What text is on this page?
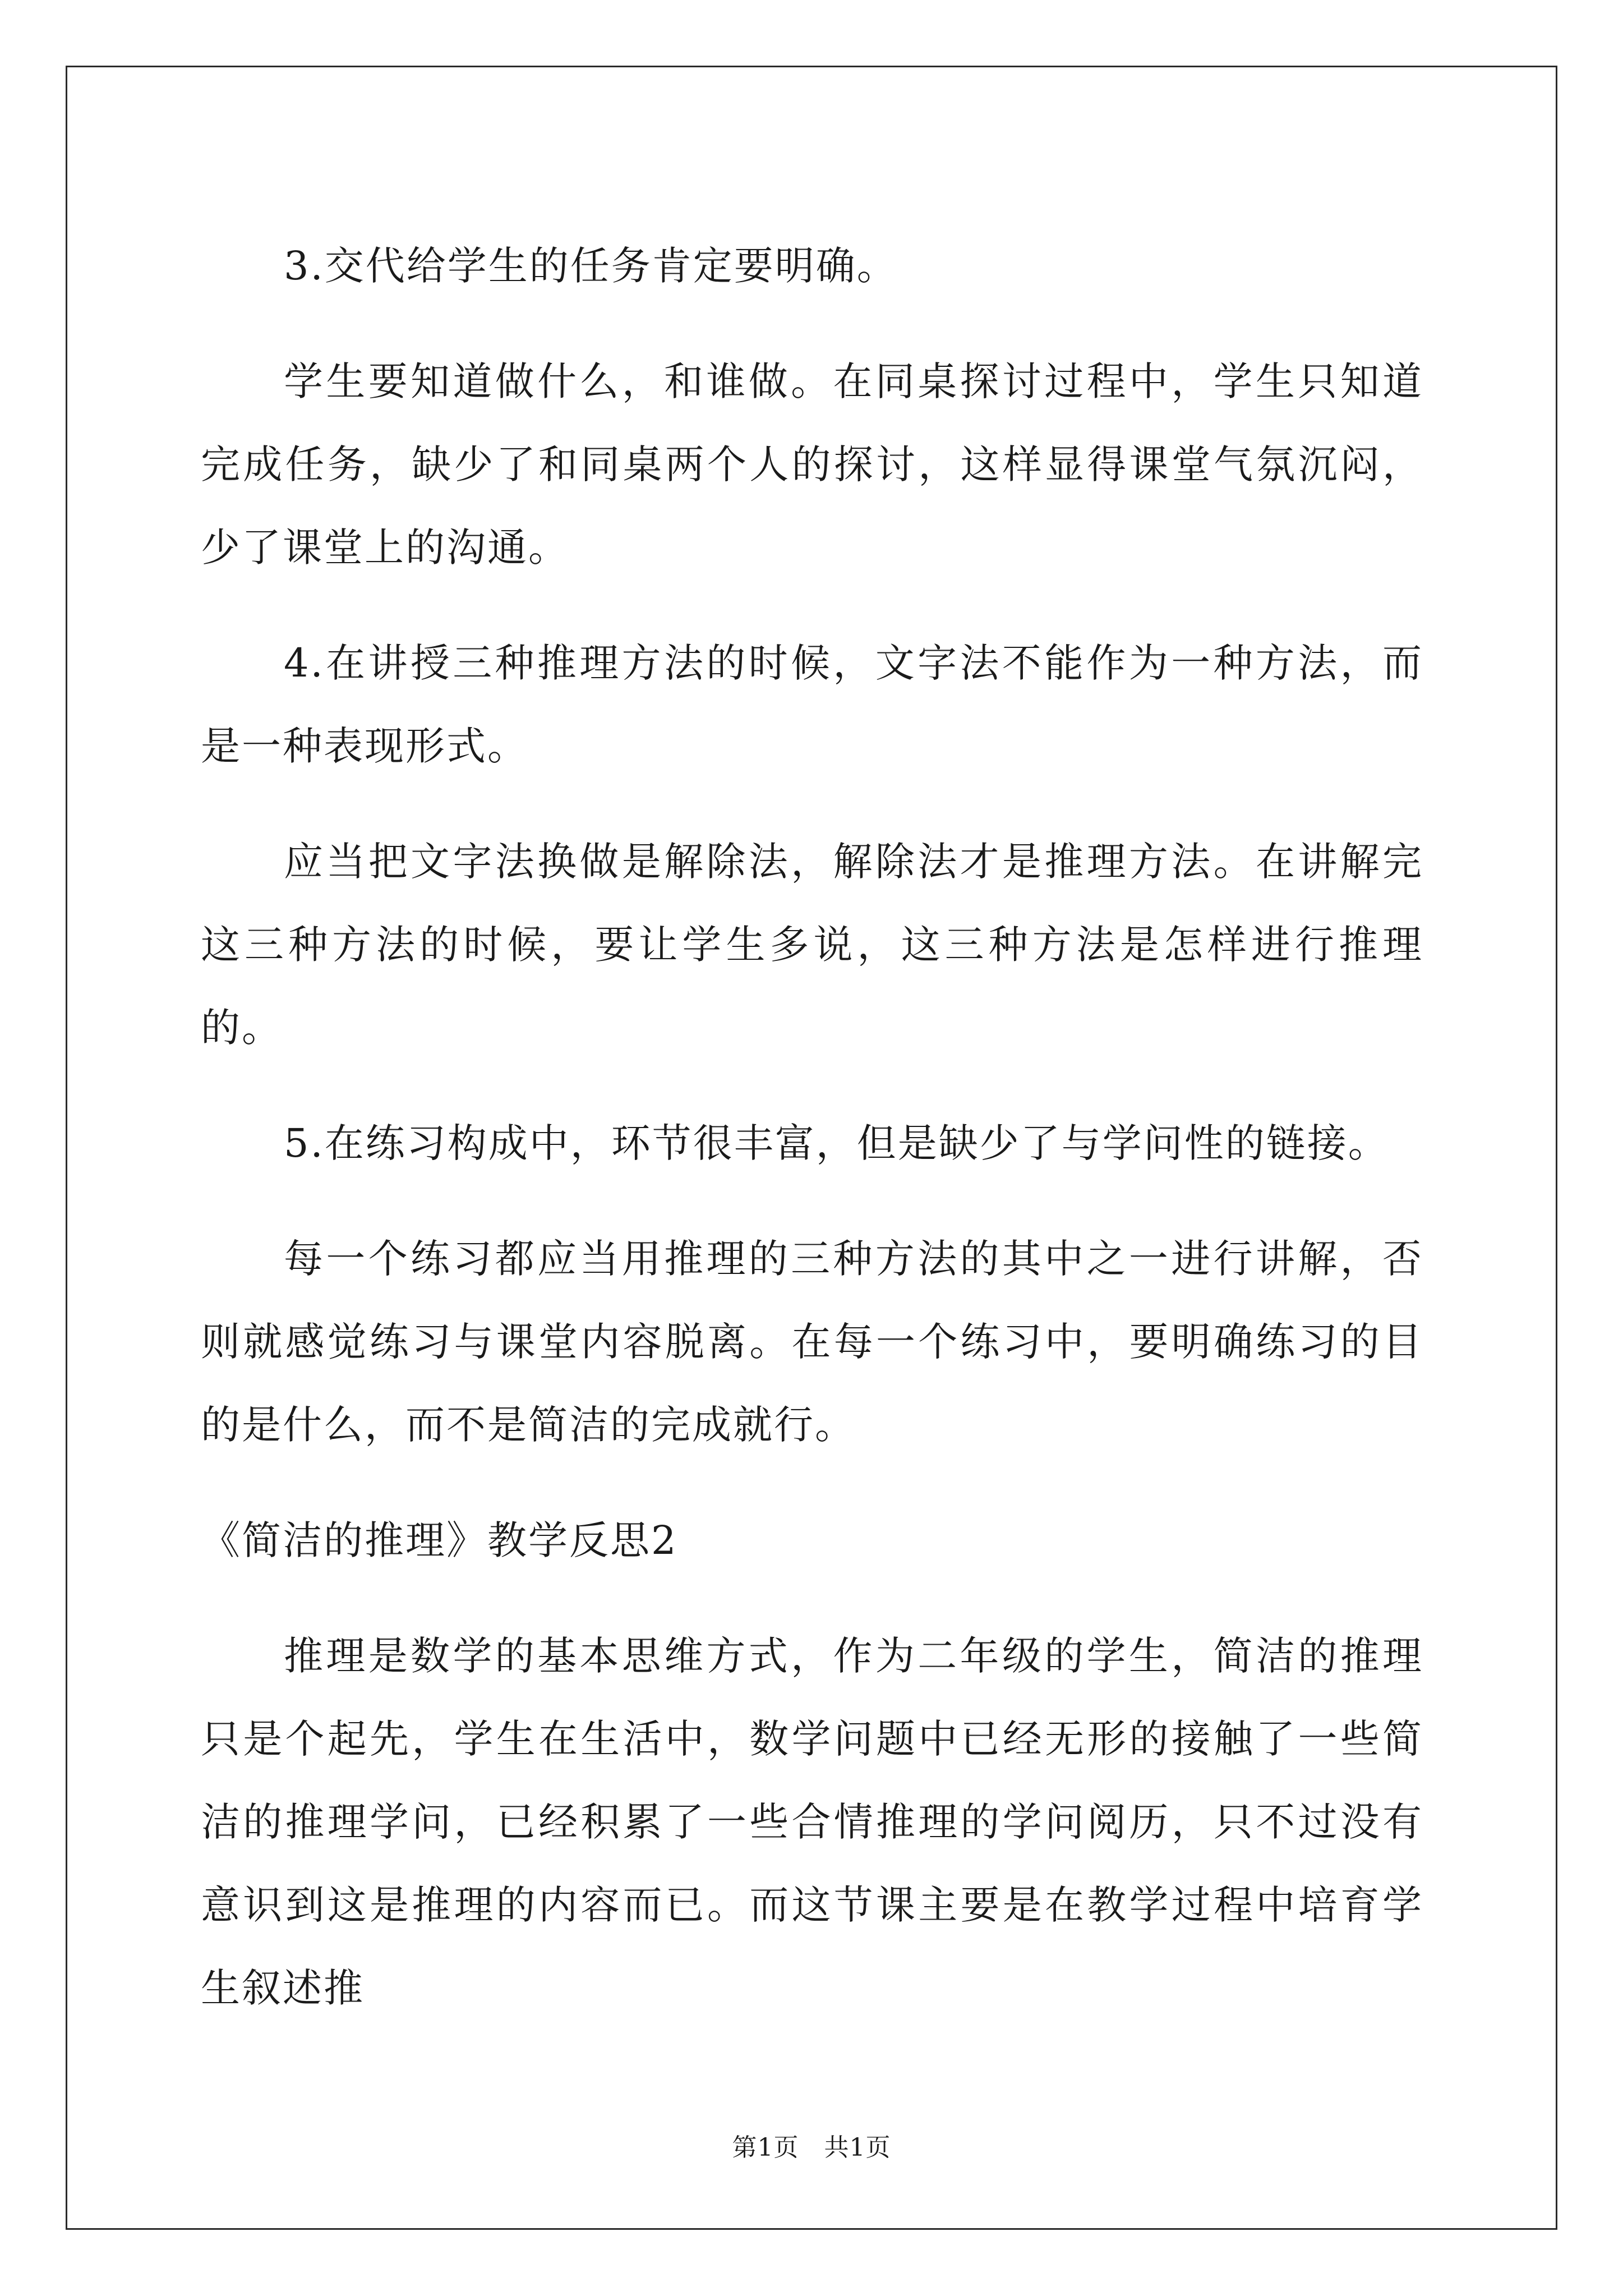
3.交代给学生的任务肯定要明确。

学生要知道做什么，和谁做。在同桌探讨过程中，学生只知道完成任务，缺少了和同桌两个人的探讨，这样显得课堂气氛沉闷，少了课堂上的沟通。

4.在讲授三种推理方法的时候，文字法不能作为一种方法，而是一种表现形式。

应当把文字法换做是解除法，解除法才是推理方法。在讲解完这三种方法的时候，要让学生多说，这三种方法是怎样进行推理的。

5.在练习构成中，环节很丰富，但是缺少了与学问性的链接。

每一个练习都应当用推理的三种方法的其中之一进行讲解，否则就感觉练习与课堂内容脱离。在每一个练习中，要明确练习的目的是什么，而不是简洁的完成就行。

《简洁的推理》教学反思2

推理是数学的基本思维方式，作为二年级的学生，简洁的推理只是个起先，学生在生活中，数学问题中已经无形的接触了一些简洁的推理学问，已经积累了一些合情推理的学问阅历，只不过没有意识到这是推理的内容而已。而这节课主要是在教学过程中培育学生叙述推

第1页   共1页
